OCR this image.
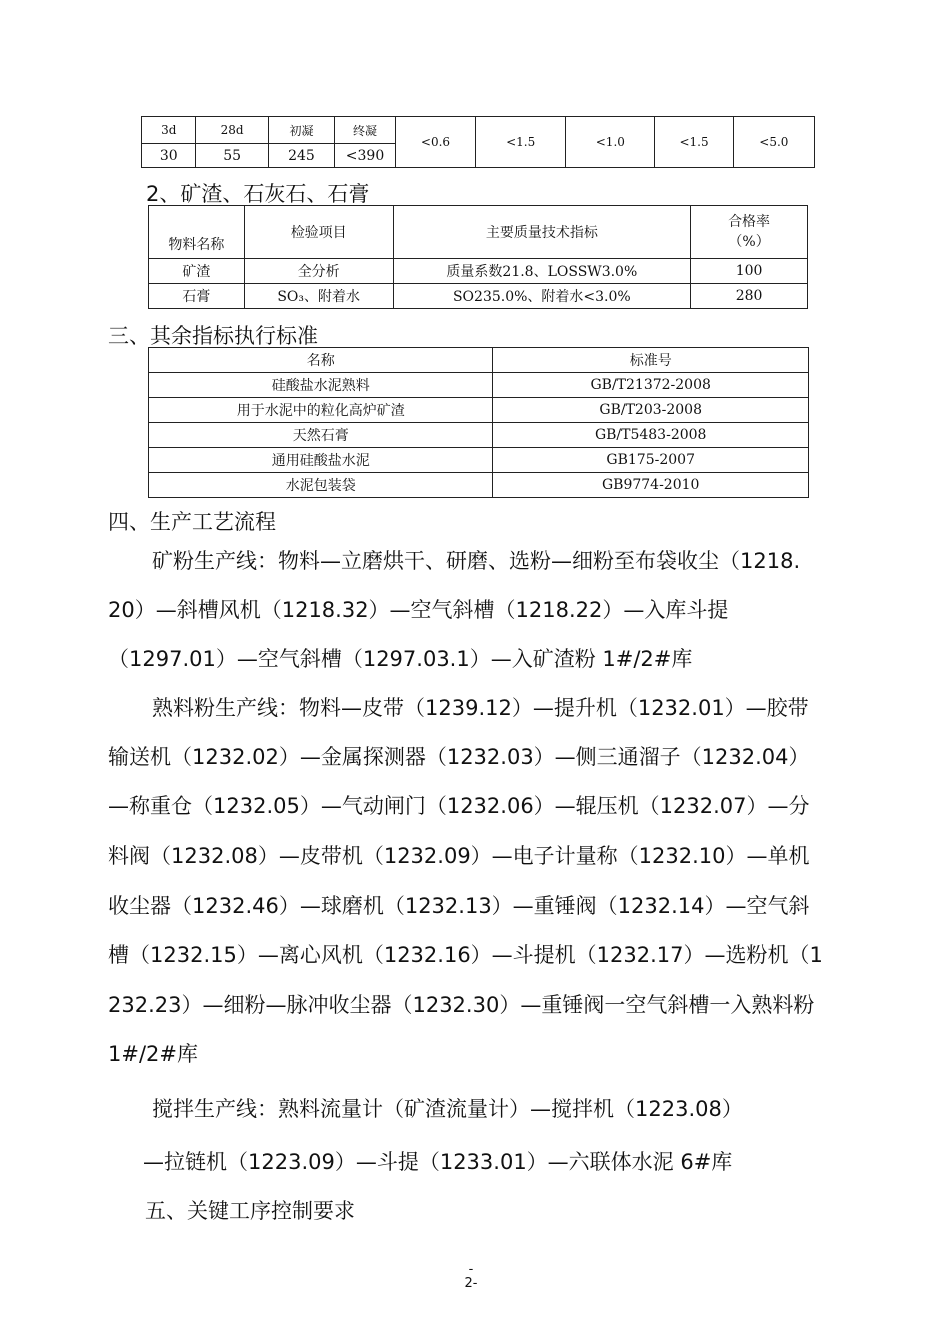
3d	28d	初凝	终凝	<0.6	<1.5	<1.0	<1.5	<5.0
30	55	245	<390					
2、矿渣、石灰石、石膏
物料名称	检验项目	主要质量技术指标	合格率
（%）

矿渣	全分析	质量系数21.8、LOSSW3.0%	100
石膏	SO₃、附着水	SO235.0%、附着水<3.0%	280
三、其余指标执行标准
名称	标准号
硅酸盐水泥熟料	GB/T21372-2008
用于水泥中的粒化高炉矿渣	GB/T203-2008
天然石膏	GB/T5483-2008
通用硅酸盐水泥	GB175-2007
水泥包装袋	GB9774-2010
四、生产工艺流程
矿粉生产线：物料—立磨烘干、研磨、选粉—细粉至布袋收尘（1218.
20）—斜槽风机（1218.32）—空气斜槽（1218.22）—入库斗提
（1297.01）—空气斜槽（1297.03.1）—入矿渣粉 1#/2#库
熟料粉生产线：物料—皮带（1239.12）—提升机（1232.01）—胶带
输送机（1232.02）—金属探测器（1232.03）—侧三通溜子（1232.04）
—称重仓（1232.05）—气动闸门（1232.06）—辊压机（1232.07）—分
料阀（1232.08）—皮带机（1232.09）—电子计量称（1232.10）—单机
收尘器（1232.46）—球磨机（1232.13）—重锤阀（1232.14）—空气斜
槽（1232.15）—离心风机（1232.16）—斗提机（1232.17）—选粉机（1
232.23）—细粉—脉冲收尘器（1232.30）—重锤阀一空气斜槽一入熟料粉
1#/2#库
搅拌生产线：熟料流量计（矿渣流量计）—搅拌机（1223.08）
—拉链机（1223.09）—斗提（1233.01）—六联体水泥 6#库
五、关键工序控制要求
-
2-
